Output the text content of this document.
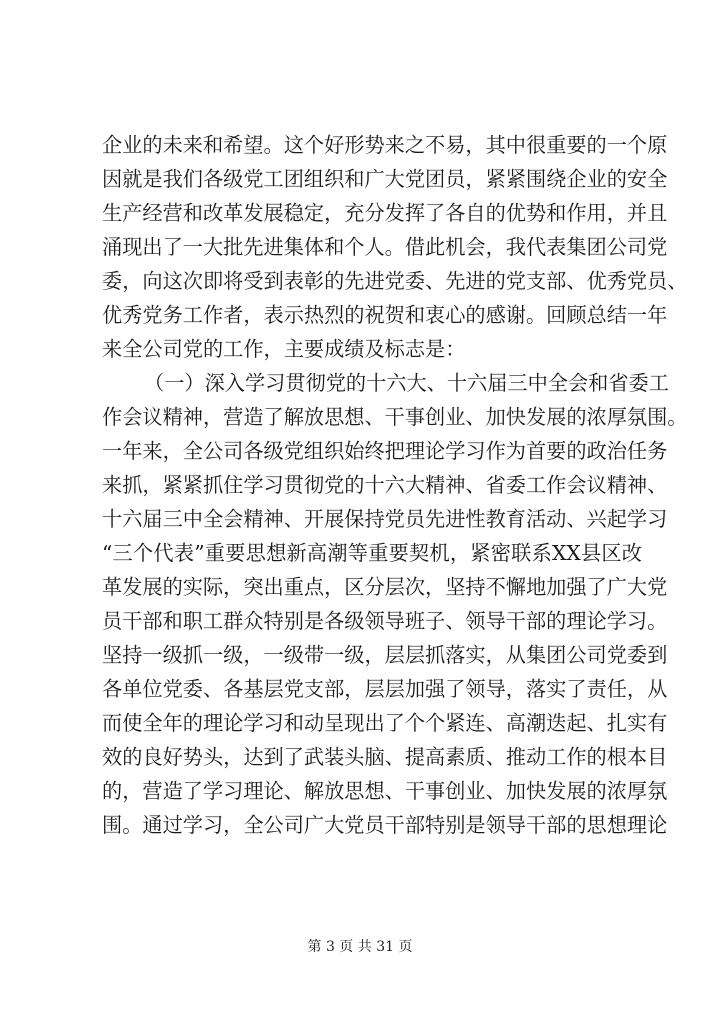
企业的未来和希望。这个好形势来之不易，其中很重要的一个原
因就是我们各级党工团组织和广大党团员，紧紧围绕企业的安全
生产经营和改革发展稳定，充分发挥了各自的优势和作用，并且
涌现出了一大批先进集体和个人。借此机会，我代表集团公司党
委，向这次即将受到表彰的先进党委、先进的党支部、优秀党员、
优秀党务工作者，表示热烈的祝贺和衷心的感谢。回顾总结一年
来全公司党的工作，主要成绩及标志是：
（一）深入学习贯彻党的十六大、十六届三中全会和省委工
作会议精神，营造了解放思想、干事创业、加快发展的浓厚氛围。
一年来，全公司各级党组织始终把理论学习作为首要的政治任务
来抓，紧紧抓住学习贯彻党的十六大精神、省委工作会议精神、
十六届三中全会精神、开展保持党员先进性教育活动、兴起学习
“三个代表”重要思想新高潮等重要契机，紧密联系XX县区改
革发展的实际，突出重点，区分层次，坚持不懈地加强了广大党
员干部和职工群众特别是各级领导班子、领导干部的理论学习。
坚持一级抓一级，一级带一级，层层抓落实，从集团公司党委到
各单位党委、各基层党支部，层层加强了领导，落实了责任，从
而使全年的理论学习和动呈现出了个个紧连、高潮迭起、扎实有
效的良好势头，达到了武装头脑、提高素质、推动工作的根本目
的，营造了学习理论、解放思想、干事创业、加快发展的浓厚氛
围。通过学习，全公司广大党员干部特别是领导干部的思想理论
第 3 页 共 31 页
